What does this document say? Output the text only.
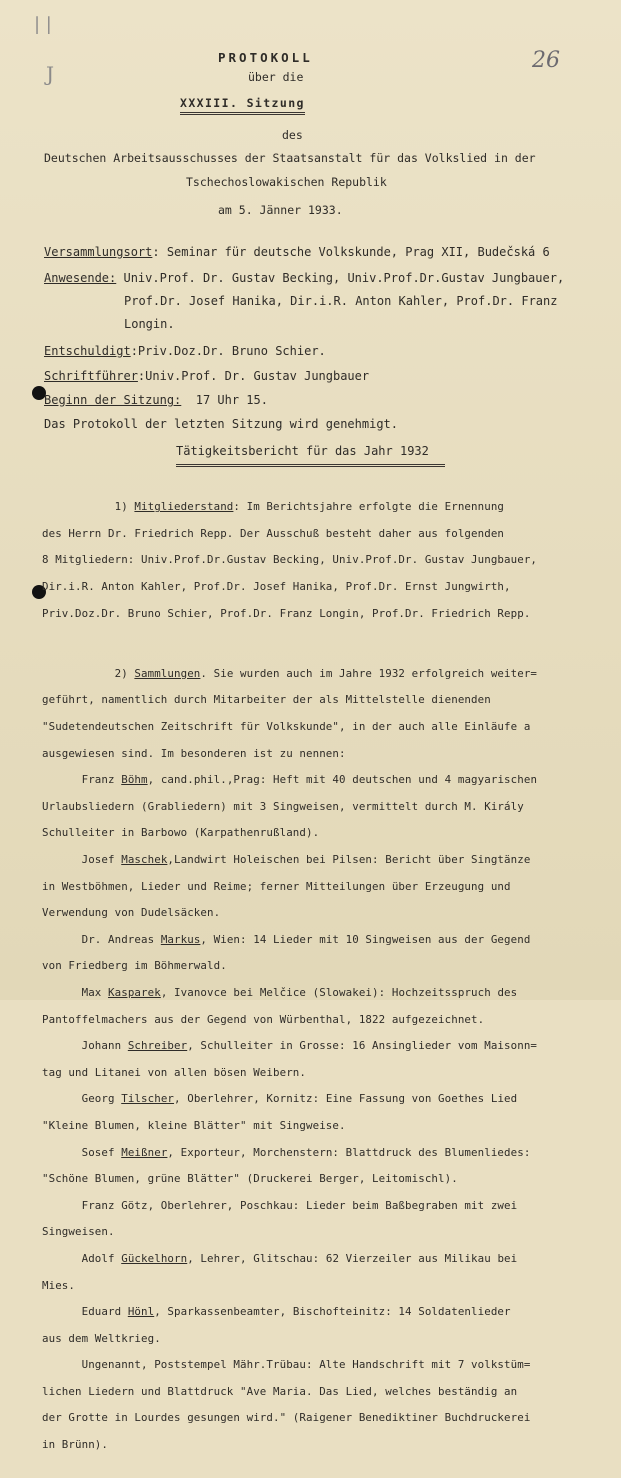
| |
J
26
PROTOKOLL
über die
XXXIII. Sitzung
des
Deutschen Arbeitsausschusses der Staatsanstalt für das Volkslied in der
Tschechoslowakischen Republik
am 5. Jänner 1933.
Versammlungsort: Seminar für deutsche Volkskunde, Prag XII, Budečská 6
Anwesende: Univ.Prof. Dr. Gustav Becking, Univ.Prof.Dr.Gustav Jungbauer,
Prof.Dr. Josef Hanika, Dir.i.R. Anton Kahler, Prof.Dr. Franz
Longin.
Entschuldigt:Priv.Doz.Dr. Bruno Schier.
Schriftführer:Univ.Prof. Dr. Gustav Jungbauer
Beginn der Sitzung:  17 Uhr 15.
Das Protokoll der letzten Sitzung wird genehmigt.
Tätigkeitsbericht für das Jahr 1932

1) Mitgliederstand: Im Berichtsjahre erfolgte die Ernennung

des Herrn Dr. Friedrich Repp. Der Ausschuß besteht daher aus folgenden

8 Mitgliedern: Univ.Prof.Dr.Gustav Becking, Univ.Prof.Dr. Gustav Jungbauer,

Dir.i.R. Anton Kahler, Prof.Dr. Josef Hanika, Prof.Dr. Ernst Jungwirth,

Priv.Doz.Dr. Bruno Schier, Prof.Dr. Franz Longin, Prof.Dr. Friedrich Repp.

2) Sammlungen. Sie wurden auch im Jahre 1932 erfolgreich weiter=

geführt, namentlich durch Mitarbeiter der als Mittelstelle dienenden

"Sudetendeutschen Zeitschrift für Volkskunde", in der auch alle Einläufe a

ausgewiesen sind. Im besonderen ist zu nennen:

Franz Böhm, cand.phil.,Prag: Heft mit 40 deutschen und 4 magyarischen

Urlaubsliedern (Grabliedern) mit 3 Singweisen, vermittelt durch M. Király

Schulleiter in Barbowo (Karpathenrußland).

Josef Maschek,Landwirt Holeischen bei Pilsen: Bericht über Singtänze

in Westböhmen, Lieder und Reime; ferner Mitteilungen über Erzeugung und

Verwendung von Dudelsäcken.

Dr. Andreas Markus, Wien: 14 Lieder mit 10 Singweisen aus der Gegend

von Friedberg im Böhmerwald.

Max Kasparek, Ivanovce bei Melčice (Slowakei): Hochzeitsspruch des

Pantoffelmachers aus der Gegend von Würbenthal, 1822 aufgezeichnet.

Johann Schreiber, Schulleiter in Grosse: 16 Ansinglieder vom Maisonn=

tag und Litanei von allen bösen Weibern.

Georg Tilscher, Oberlehrer, Kornitz: Eine Fassung von Goethes Lied

"Kleine Blumen, kleine Blätter" mit Singweise.

Sosef Meißner, Exporteur, Morchenstern: Blattdruck des Blumenliedes:

"Schöne Blumen, grüne Blätter" (Druckerei Berger, Leitomischl).

Franz Götz, Oberlehrer, Poschkau: Lieder beim Baßbegraben mit zwei

Singweisen.

Adolf Gückelhorn, Lehrer, Glitschau: 62 Vierzeiler aus Milikau bei

Mies.

Eduard Hönl, Sparkassenbeamter, Bischofteinitz: 14 Soldatenlieder

aus dem Weltkrieg.

Ungenannt, Poststempel Mähr.Trübau: Alte Handschrift mit 7 volkstüm=

lichen Liedern und Blattdruck "Ave Maria. Das Lied, welches beständig an

der Grotte in Lourdes gesungen wird." (Raigener Benediktiner Buchdruckerei

in Brünn).
